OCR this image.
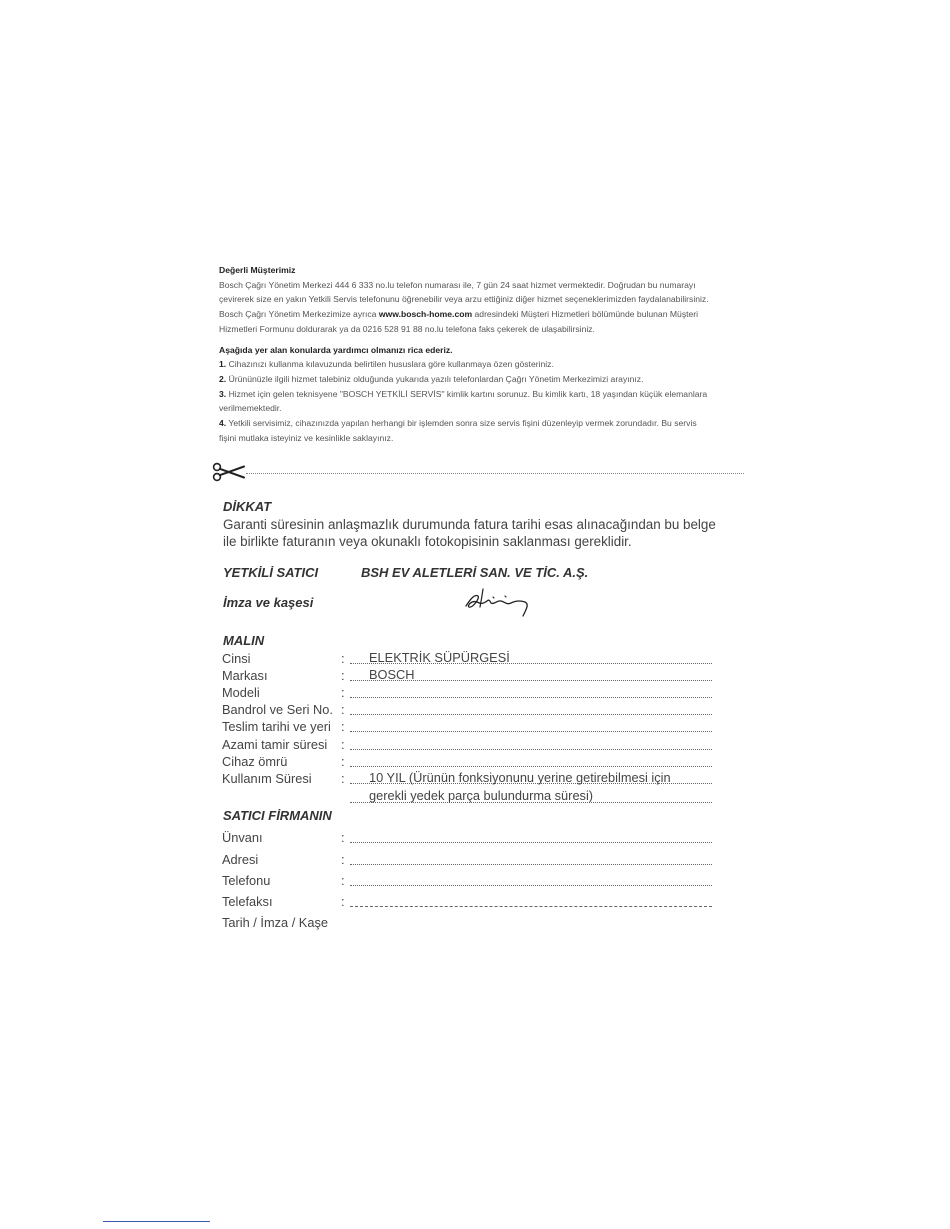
Değerli Müşterimiz

Bosch Çağrı Yönetim Merkezi 444 6 333 no.lu telefon numarası ile, 7 gün 24 saat hizmet vermektedir. Doğrudan bu numarayı çevirerek size en yakın Yetkili Servis telefonunu öğrenebilir veya arzu ettiğiniz diğer hizmet seçeneklerimizden faydalanabilirsiniz.

Bosch Çağrı Yönetim Merkezimize ayrıca www.bosch-home.com adresindeki Müşteri Hizmetleri bölümünde bulunan Müşteri Hizmetleri Formunu doldurarak ya da 0216 528 91 88 no.lu telefona faks çekerek de ulaşabilirsiniz.

Aşağıda yer alan konularda yardımcı olmanızı rica ederiz.

1. Cihazınızı kullanma kılavuzunda belirtilen hususlara göre kullanmaya özen gösteriniz.

2. Ürününüzle ilgili hizmet talebiniz olduğunda yukarıda yazılı telefonlardan Çağrı Yönetim Merkezimizi arayınız.

3. Hizmet için gelen teknisyene "BOSCH YETKİLİ SERVİS" kimlik kartını sorunuz. Bu kimlik kartı, 18 yaşından küçük elemanlara verilmemektedir.

4. Yetkili servisimiz, cihazınızda yapılan herhangi bir işlemden sonra size servis fişini düzenleyip vermek zorundadır. Bu servis fişini mutlaka isteyiniz ve kesinlikle saklayınız.

DİKKAT
Garanti süresinin anlaşmazlık durumunda fatura tarihi esas alınacağından bu belge ile birlikte faturanın veya okunaklı fotokopisinin saklanması gereklidir.
YETKİLİ SATICI	BSH EV ALETLERİ SAN. VE TİC. A.Ş.
İmza ve kaşesi
MALIN
Cinsi	: ELEKTRİK SÜPÜRGESİ
Markası	: BOSCH
Modeli	:
Bandrol ve Seri No. :
Teslim tarihi ve yeri :
Azami tamir süresi :
Cihaz ömrü	:
Kullanım Süresi : 10 YIL (Ürünün fonksiyonunu yerine getirebilmesi için
gerekli yedek parça bulundurma süresi)
SATICI FİRMANIN
Ünvanı	:
Adresi	:
Telefonu	:
Telefaksı	:
Tarih / İmza / Kaşe
